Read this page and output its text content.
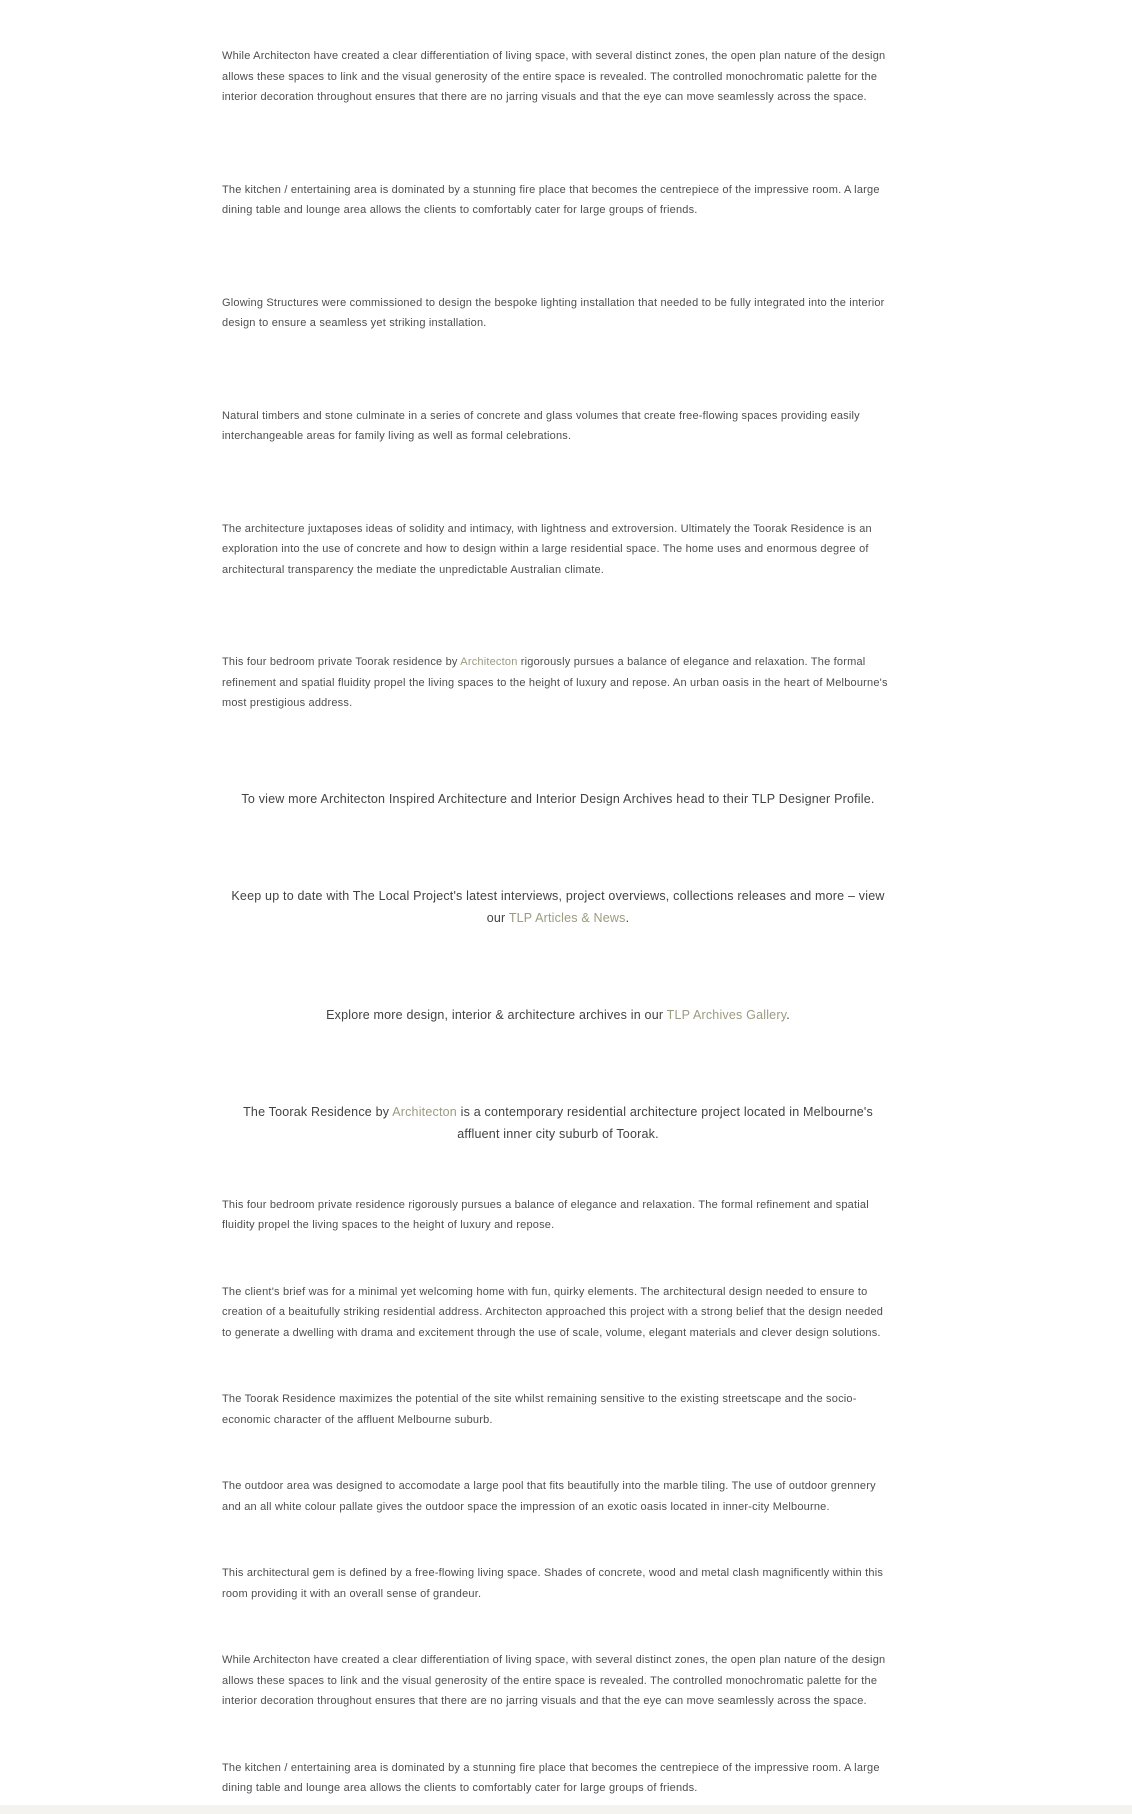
While Architecton have created a clear differentiation of living space, with several distinct zones, the open plan nature of the design allows these spaces to link and the visual generosity of the entire space is revealed. The controlled monochromatic palette for the interior decoration throughout ensures that there are no jarring visuals and that the eye can move seamlessly across the space.

The kitchen / entertaining area is dominated by a stunning fire place that becomes the centrepiece of the impressive room. A large dining table and lounge area allows the clients to comfortably cater for large groups of friends.

Glowing Structures were commissioned to design the bespoke lighting installation that needed to be fully integrated into the interior design to ensure a seamless yet striking installation.

Natural timbers and stone culminate in a series of concrete and glass volumes that create free-flowing spaces providing easily interchangeable areas for family living as well as formal celebrations.

The architecture juxtaposes ideas of solidity and intimacy, with lightness and extroversion. Ultimately the Toorak Residence is an exploration into the use of concrete and how to design within a large residential space. The home uses and enormous degree of architectural transparency the mediate the unpredictable Australian climate.

This four bedroom private Toorak residence by Architecton rigorously pursues a balance of elegance and relaxation. The formal refinement and spatial fluidity propel the living spaces to the height of luxury and repose. An urban oasis in the heart of Melbourne's most prestigious address.

To view more Architecton Inspired Architecture and Interior Design Archives head to their TLP Designer Profile.

Keep up to date with The Local Project's latest interviews, project overviews, collections releases and more – view our TLP Articles & News.

Explore more design, interior & architecture archives in our TLP Archives Gallery.

The Toorak Residence by Architecton is a contemporary residential architecture project located in Melbourne's affluent inner city suburb of Toorak.

This four bedroom private residence rigorously pursues a balance of elegance and relaxation. The formal refinement and spatial fluidity propel the living spaces to the height of luxury and repose.

The client's brief was for a minimal yet welcoming home with fun, quirky elements. The architectural design needed to ensure to creation of a beaitufully striking residential address. Architecton approached this project with a strong belief that the design needed to generate a dwelling with drama and excitement through the use of scale, volume, elegant materials and clever design solutions.

The Toorak Residence maximizes the potential of the site whilst remaining sensitive to the existing streetscape and the socio-economic character of the affluent Melbourne suburb.

The outdoor area was designed to accomodate a large pool that fits beautifully into the marble tiling. The use of outdoor grennery and an all white colour pallate gives the outdoor space the impression of an exotic oasis located in inner-city Melbourne.

This architectural gem is defined by a free-flowing living space. Shades of concrete, wood and metal clash magnificently within this room providing it with an overall sense of grandeur.

While Architecton have created a clear differentiation of living space, with several distinct zones, the open plan nature of the design allows these spaces to link and the visual generosity of the entire space is revealed. The controlled monochromatic palette for the interior decoration throughout ensures that there are no jarring visuals and that the eye can move seamlessly across the space.

The kitchen / entertaining area is dominated by a stunning fire place that becomes the centrepiece of the impressive room. A large dining table and lounge area allows the clients to comfortably cater for large groups of friends.
